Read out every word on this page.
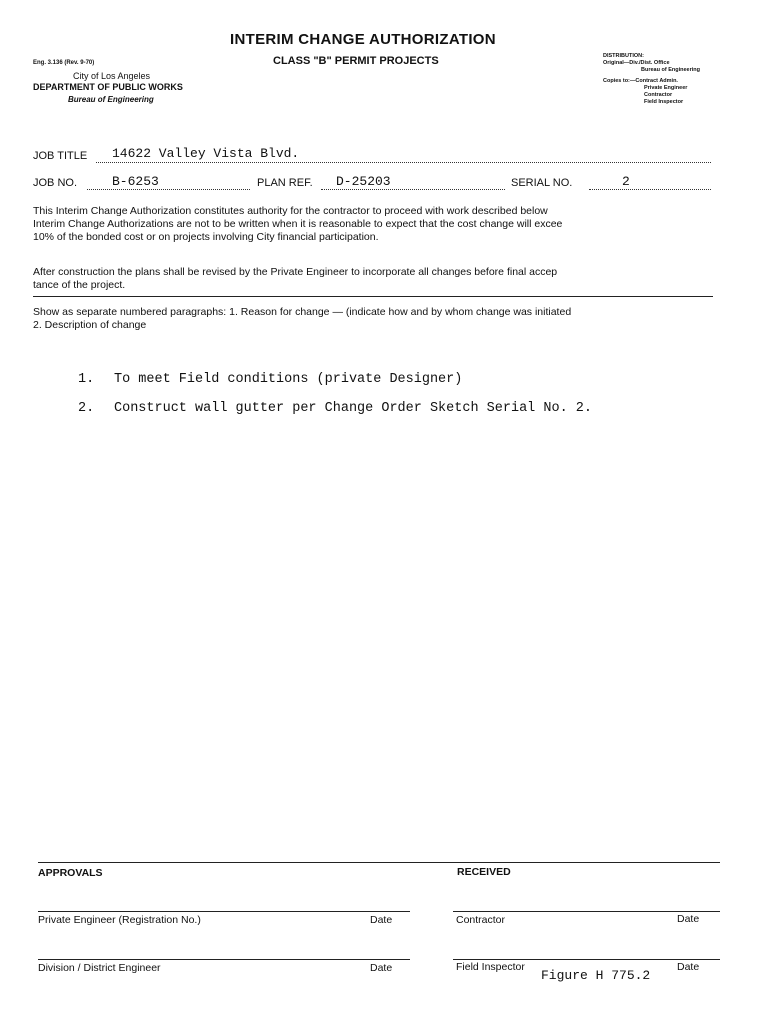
INTERIM CHANGE AUTHORIZATION
CLASS "B" PERMIT PROJECTS
Eng. 3.136 (Rev. 9-70)
City of Los Angeles
DEPARTMENT OF PUBLIC WORKS
Bureau of Engineering
DISTRIBUTION:
Original—Div./Dist. Office
Bureau of Engineering
Copies to:—Contract Admin.
Private Engineer
Contractor
Field Inspector
JOB TITLE 14622 Valley Vista Blvd.
JOB NO.	B-6253	PLAN REF. D-25203	SERIAL NO.	2
This Interim Change Authorization constitutes authority for the contractor to proceed with work described below
Interim Change Authorizations are not to be written when it is reasonable to expect that the cost change will excee
10% of the bonded cost or on projects involving City financial participation.
After construction the plans shall be revised by the Private Engineer to incorporate all changes before final accep
tance of the project.
Show as separate numbered paragraphs: 1. Reason for change — (indicate how and by whom change was initiated
2. Description of change
1. To meet Field conditions (private Designer)
2. Construct wall gutter per Change Order Sketch Serial No. 2.
APPROVALS	RECEIVED
Private Engineer (Registration No.)	Date	Contractor	Date
Division / District Engineer	Date	Field Inspector	Date
Figure H 775.2
